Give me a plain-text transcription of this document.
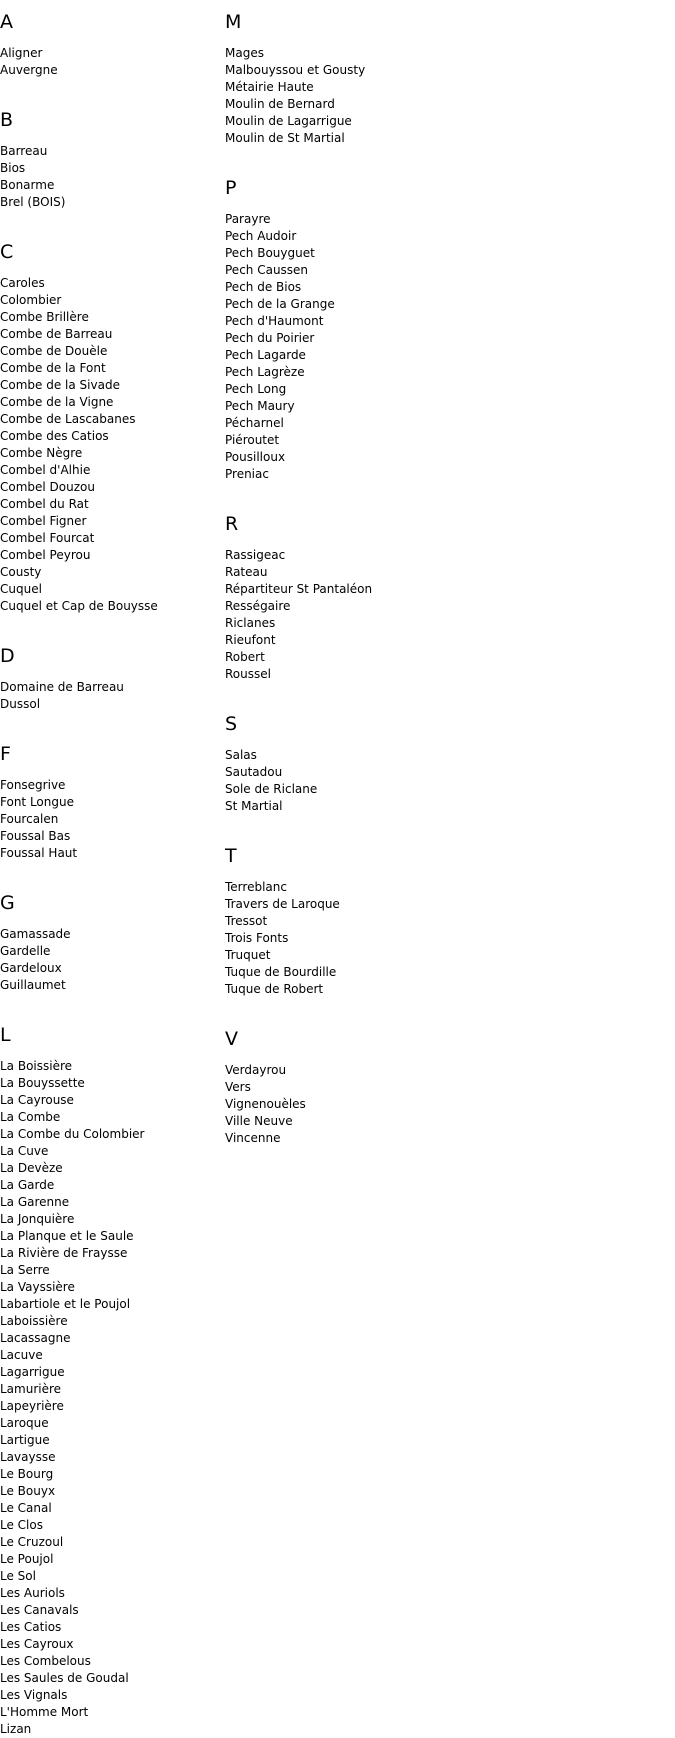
A
Aligner
Auvergne
B
Barreau
Bios
Bonarme
Brel (BOIS)
C
Caroles
Colombier
Combe Brillère
Combe de Barreau
Combe de Douèle
Combe de la Font
Combe de la Sivade
Combe de la Vigne
Combe de Lascabanes
Combe des Catios
Combe Nègre
Combel d'Alhie
Combel Douzou
Combel du Rat
Combel Figner
Combel Fourcat
Combel Peyrou
Cousty
Cuquel
Cuquel et Cap de Bouysse
D
Domaine de Barreau
Dussol
F
Fonsegrive
Font Longue
Fourcalen
Foussal Bas
Foussal Haut
G
Gamassade
Gardelle
Gardeloux
Guillaumet
L
La Boissière
La Bouyssette
La Cayrouse
La Combe
La Combe du Colombier
La Cuve
La Devèze
La Garde
La Garenne
La Jonquière
La Planque et le Saule
La Rivière de Fraysse
La Serre
La Vayssière
Labartiole et le Poujol
Laboissière
Lacassagne
Lacuve
Lagarrigue
Lamurière
Lapeyrière
Laroque
Lartigue
Lavaysse
Le Bourg
Le Bouyx
Le Canal
Le Clos
Le Cruzoul
Le Poujol
Le Sol
Les Auriols
Les Canavals
Les Catios
Les Cayroux
Les Combelous
Les Saules de Goudal
Les Vignals
L'Homme Mort
Lizan
M
Mages
Malbouyssou et Gousty
Métairie Haute
Moulin de Bernard
Moulin de Lagarrigue
Moulin de St Martial
P
Parayre
Pech Audoir
Pech Bouyguet
Pech Caussen
Pech de Bios
Pech de la Grange
Pech d'Haumont
Pech du Poirier
Pech Lagarde
Pech Lagrèze
Pech Long
Pech Maury
Pécharnel
Piéroutet
Pousilloux
Preniac
R
Rassigeac
Rateau
Répartiteur St Pantaléon
Rességaire
Riclanes
Rieufont
Robert
Roussel
S
Salas
Sautadou
Sole de Riclane
St Martial
T
Terreblanc
Travers de Laroque
Tressot
Trois Fonts
Truquet
Tuque de Bourdille
Tuque de Robert
V
Verdayrou
Vers
Vignenouèles
Ville Neuve
Vincenne
